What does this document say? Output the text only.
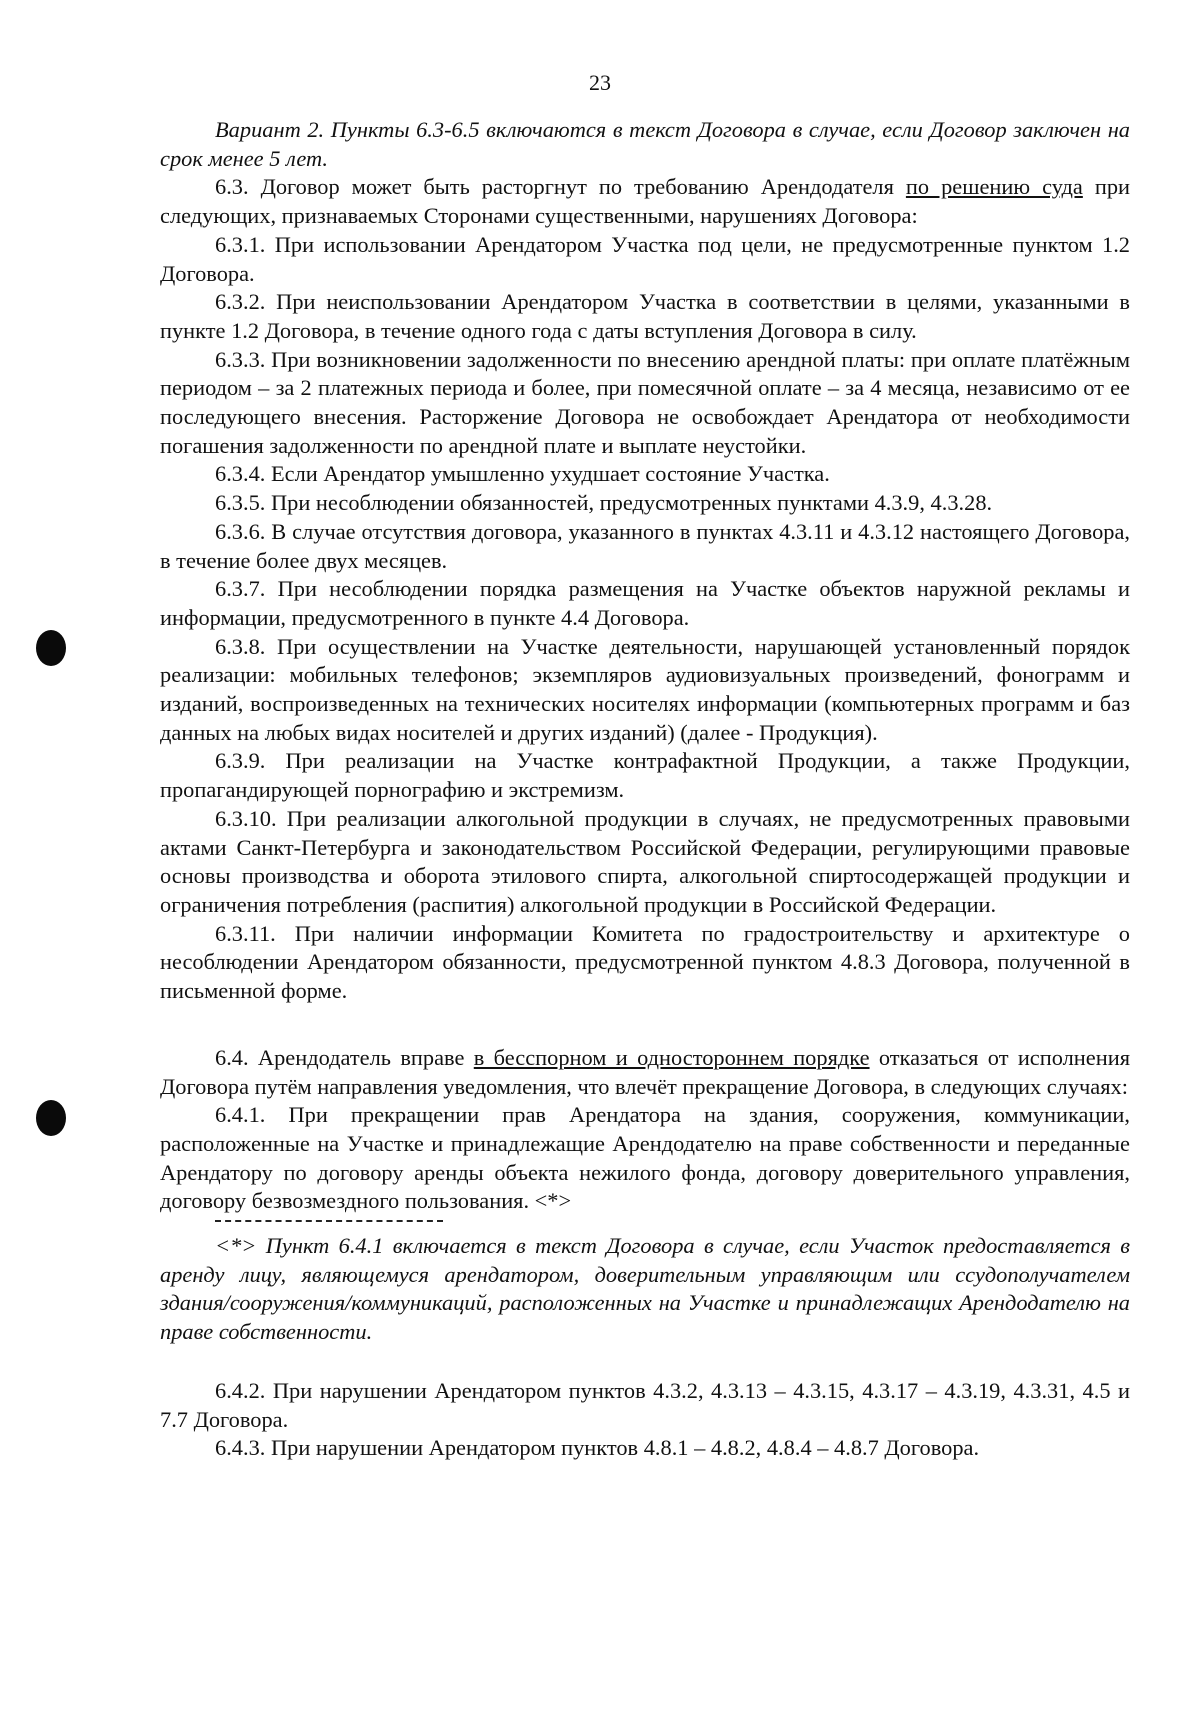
23

Вариант 2. Пункты 6.3-6.5 включаются в текст Договора в случае, если Договор заключен на срок менее 5 лет.

6.3. Договор может быть расторгнут по требованию Арендодателя по решению суда при следующих, признаваемых Сторонами существенными, нарушениях Договора:

6.3.1. При использовании Арендатором Участка под цели, не предусмотренные пунктом 1.2 Договора.

6.3.2. При неиспользовании Арендатором Участка в соответствии в целями, указанными в пункте 1.2 Договора, в течение одного года с даты вступления Договора в силу.

6.3.3. При возникновении задолженности по внесению арендной платы: при оплате платёжным периодом – за 2 платежных периода и более, при помесячной оплате – за 4 месяца, независимо от ее последующего внесения. Расторжение Договора не освобождает Арендатора от необходимости погашения задолженности по арендной плате и выплате неустойки.

6.3.4. Если Арендатор умышленно ухудшает состояние Участка.

6.3.5. При несоблюдении обязанностей, предусмотренных пунктами 4.3.9, 4.3.28.

6.3.6. В случае отсутствия договора, указанного в пунктах 4.3.11 и 4.3.12 настоящего Договора, в течение более двух месяцев.

6.3.7. При несоблюдении порядка размещения на Участке объектов наружной рекламы и информации, предусмотренного в пункте 4.4 Договора.

6.3.8. При осуществлении на Участке деятельности, нарушающей установленный порядок реализации: мобильных телефонов; экземпляров аудиовизуальных произведений, фонограмм и изданий, воспроизведенных на технических носителях информации (компьютерных программ и баз данных на любых видах носителей и других изданий) (далее - Продукция).

6.3.9. При реализации на Участке контрафактной Продукции, а также Продукции, пропагандирующей порнографию и экстремизм.

6.3.10. При реализации алкогольной продукции в случаях, не предусмотренных правовыми актами Санкт-Петербурга и законодательством Российской Федерации, регулирующими правовые основы производства и оборота этилового спирта, алкогольной спиртосодержащей продукции и ограничения потребления (распития) алкогольной продукции в Российской Федерации.

6.3.11. При наличии информации Комитета по градостроительству и архитектуре о несоблюдении Арендатором обязанности, предусмотренной пунктом 4.8.3 Договора, полученной в письменной форме.

6.4. Арендодатель вправе в бесспорном и одностороннем порядке отказаться от исполнения Договора путём направления уведомления, что влечёт прекращение Договора, в следующих случаях:

6.4.1. При прекращении прав Арендатора на здания, сооружения, коммуникации, расположенные на Участке и принадлежащие Арендодателю на праве собственности и переданные Арендатору по договору аренды объекта нежилого фонда, договору доверительного управления, договору безвозмездного пользования. <*>

<*> Пункт 6.4.1 включается в текст Договора в случае, если Участок предоставляется в аренду лицу, являющемуся арендатором, доверительным управляющим или ссудополучателем здания/сооружения/коммуникаций, расположенных на Участке и принадлежащих Арендодателю на праве собственности.

6.4.2. При нарушении Арендатором пунктов 4.3.2, 4.3.13 – 4.3.15, 4.3.17 – 4.3.19, 4.3.31, 4.5 и 7.7 Договора.

6.4.3. При нарушении Арендатором пунктов 4.8.1 – 4.8.2, 4.8.4 – 4.8.7 Договора.
